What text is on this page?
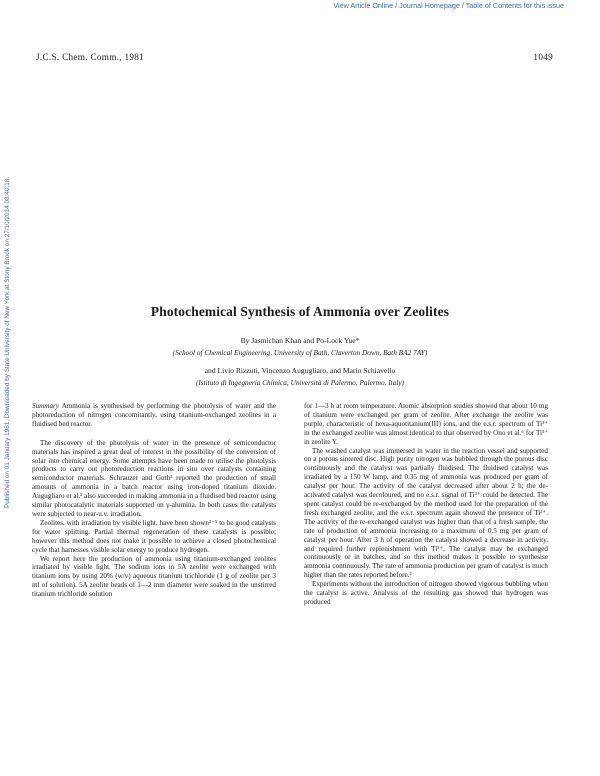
View Article Online / Journal Homepage / Table of Contents for this issue
Published on 01 January 1981. Downloaded by State University of New York at Stony Brook on 27/10/2014 08:40:18.
J.C.S. Chem. Comm., 1981	1049
Photochemical Synthesis of Ammonia over Zeolites
By Jasmichan Khan and Po-Lock Yue*
(School of Chemical Engineering, University of Bath, Claverton Down, Bath BA2 7AY)
and Livio Rizzuti, Vincenzo Augugliaro, and Mario Schiavello
(Istituto di Ingegneria Chimica, Università di Palermo, Palermo, Italy)

Summary Ammonia is synthesised by performing the photolysis of water and the photoreduction of nitrogen concomitantly, using titanium-exchanged zeolites in a fluidised bed reactor.

The discovery of the photolysis of water in the presence of semiconductor materials has inspired a great deal of interest in the possibility of the conversion of solar into chemical energy. Some attempts have been made to utilise the photolysis products to carry out photoreduction reactions in situ over catalysts containing semiconductor materials. Schrauzer and Guth¹ reported the production of small amounts of ammonia in a batch reactor using iron-doped titanium dioxide. Augugliaro et al.² also succeeded in making ammonia in a fluidised bed reactor using similar photocatalytic materials supported on γ-alumina. In both cases the catalysts were subjected to near-u.v. irradiation.

Zeolites, with irradiation by visible light, have been shown³⁻⁵ to be good catalysts for water splitting. Partial thermal regeneration of these catalysts is possible; however this method does not make it possible to achieve a closed photochemical cycle that harnesses visible solar energy to produce hydrogen.

We report here the production of ammonia using titanium-exchanged zeolites irradiated by visible light. The sodium ions in 5A zeolite were exchanged with titanium ions by using 20% (w/v) aqueous titanium trichloride (1 g of zeolite per 3 ml of solution). 5A zeolite beads of 1—2 mm diameter were soaked in the unstirred titanium trichloride solution

for 1—3 h at room temperature. Atomic absorption studies showed that about 10 mg of titanium were exchanged per gram of zeolite. After exchange the zeolite was purple, characteristic of hexa-aquotitanium(III) ions, and the e.s.r. spectrum of Ti³⁺ in the exchanged zeolite was almost identical to that observed by Ono et al.⁶ for Ti³⁺ in zeolite Y.

The washed catalyst was immersed in water in the reaction vessel and supported on a porous sintered disc. High purity nitrogen was bubbled through the porous disc continuously and the catalyst was partially fluidised. The fluidised catalyst was irradiated by a 150 W lamp, and 0.35 mg of ammonia was produced per gram of catalyst per hour. The activity of the catalyst decreased after about 2 h; the de-activated catalyst was decoloured, and no e.s.r. signal of Ti³⁺ could be detected. The spent catalyst could be re-exchanged by the method used for the preparation of the fresh exchanged zeolite, and the e.s.r. spectrum again showed the presence of Ti³⁺. The activity of the re-exchanged catalyst was higher than that of a fresh sample, the rate of production of ammonia increasing to a maximum of 0.5 mg per gram of catalyst per hour. After 3 h of operation the catalyst showed a decrease in activity, and required further replenishment with Ti³⁺. The catalyst may be exchanged continuously or in batches, and so this method makes it possible to synthesise ammonia continuously. The rate of ammonia production per gram of catalyst is much higher than the rates reported before.²

Experiments without the introduction of nitrogen showed vigorous bubbling when the catalyst is active. Analysis of the resulting gas showed that hydrogen was produced
